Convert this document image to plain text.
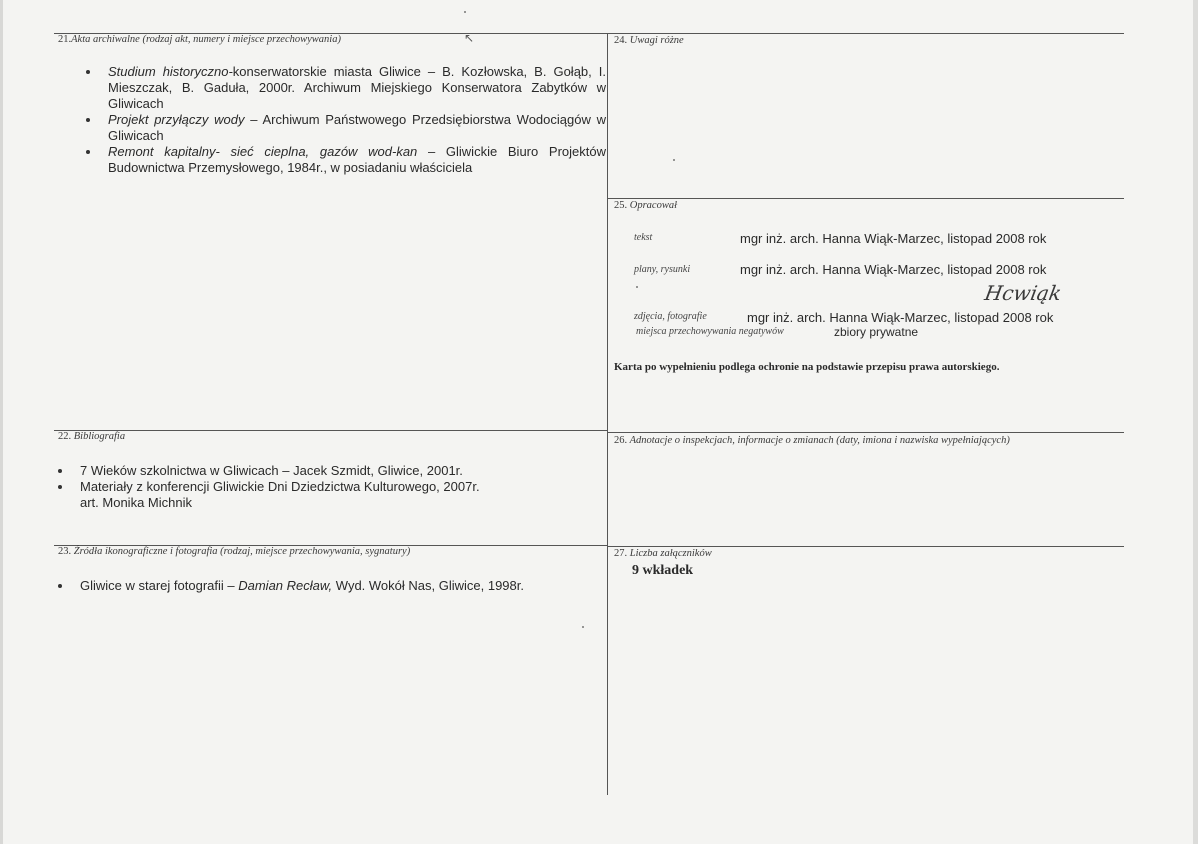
21.Akta archiwalne (rodzaj akt, numery i miejsce przechowywania)	↖
Studium historyczno-konserwatorskie miasta Gliwice – B. Kozłowska, B. Gołąb, I. Mieszczak, B. Gaduła, 2000r. Archiwum Miejskiego Konserwatora Zabytków w Gliwicach
Projekt przyłączy wody – Archiwum Państwowego Przedsiębiorstwa Wodociągów w Gliwicach
Remont kapitalny- sieć cieplna, gazów wod-kan – Gliwickie Biuro Projektów Budownictwa Przemysłowego, 1984r., w posiadaniu właściciela
24. Uwagi różne
25. Opracował
tekst	mgr inż. arch. Hanna Wiąk-Marzec, listopad 2008 rok
plany, rysunki	mgr inż. arch. Hanna Wiąk-Marzec, listopad 2008 rok
Hcwiąk
zdjęcia, fotografie	mgr inż. arch. Hanna Wiąk-Marzec, listopad 2008 rok
miejsca przechowywania negatywów	zbiory prywatne
Karta po wypełnieniu podlega ochronie na podstawie przepisu prawa autorskiego.
22. Bibliografia
7 Wieków szkolnictwa w Gliwicach – Jacek Szmidt, Gliwice, 2001r.
Materiały z konferencji Gliwickie Dni Dziedzictwa Kulturowego, 2007r.
art. Monika Michnik
26. Adnotacje o inspekcjach, informacje o zmianach (daty, imiona i nazwiska wypełniających)
23. Źródła ikonograficzne i fotografia (rodzaj, miejsce przechowywania, sygnatury)
Gliwice w starej fotografii – Damian Recław, Wyd. Wokół Nas, Gliwice, 1998r.
27. Liczba załączników
9 wkładek
